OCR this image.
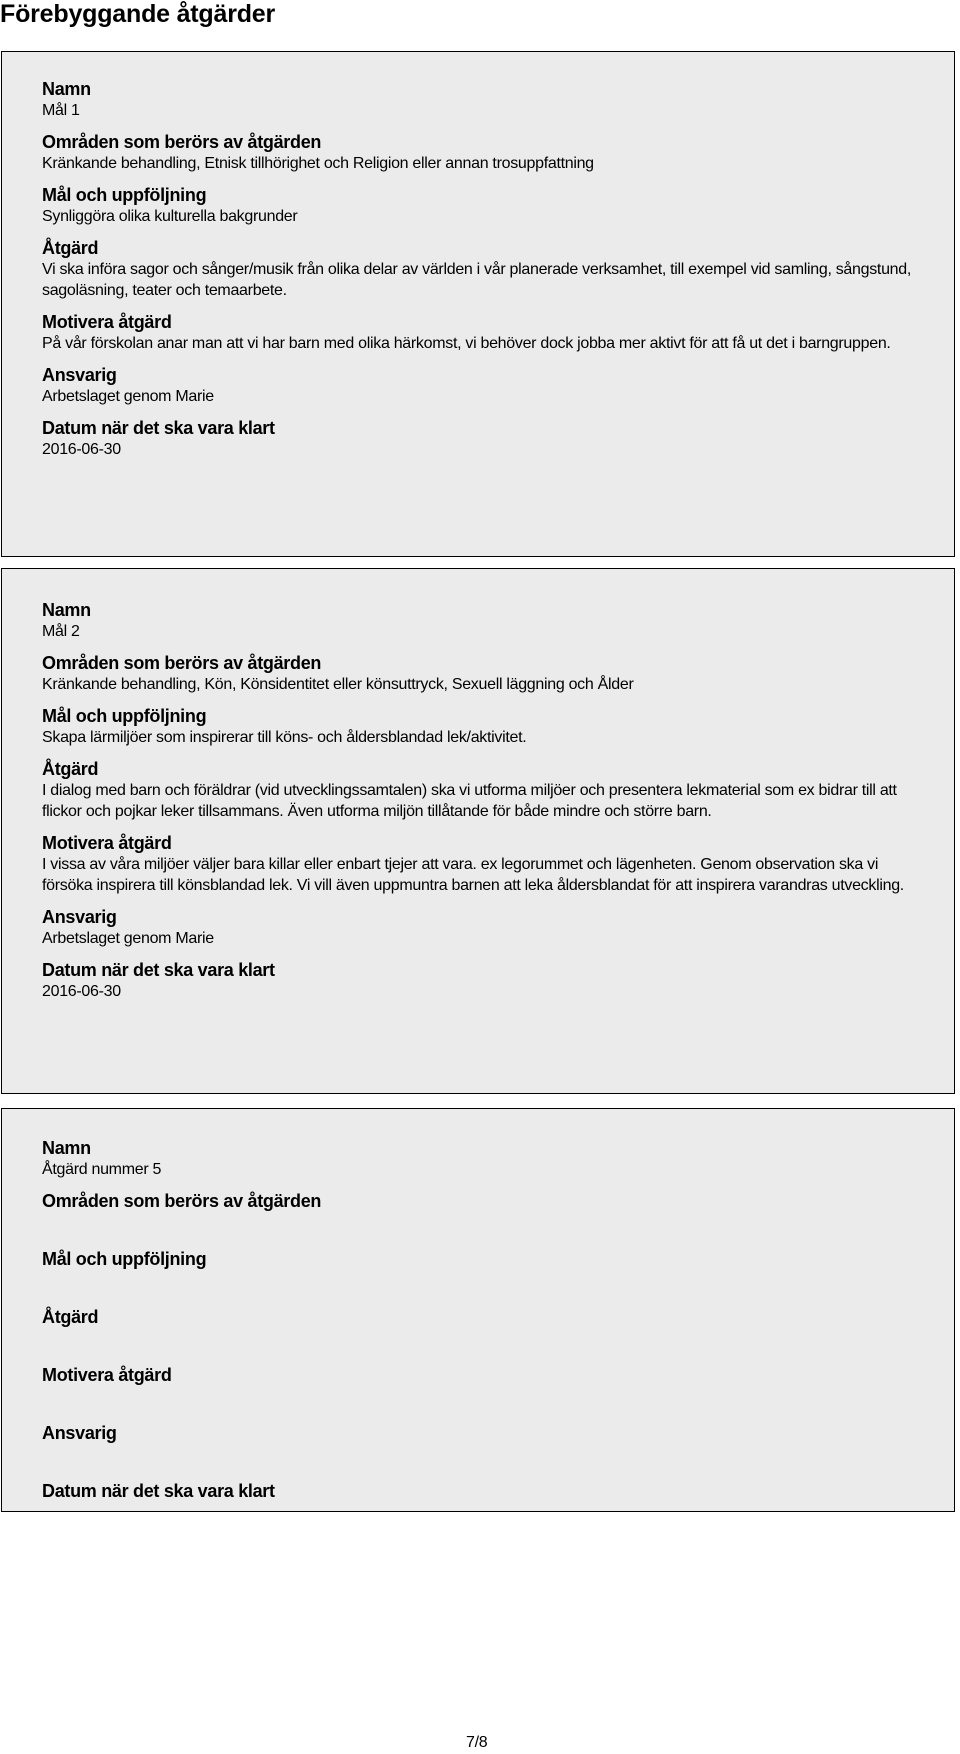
Förebyggande åtgärder
Namn
Mål 1
Områden som berörs av åtgärden
Kränkande behandling, Etnisk tillhörighet och Religion eller annan trosuppfattning
Mål och uppföljning
Synliggöra olika kulturella bakgrunder
Åtgärd
Vi ska införa sagor och sånger/musik från olika delar av världen i vår planerade verksamhet, till exempel vid samling, sångstund, sagoläsning, teater och temaarbete.
Motivera åtgärd
På vår förskolan anar man att vi har barn med olika härkomst, vi behöver dock jobba mer aktivt för att få ut det i barngruppen.
Ansvarig
Arbetslaget genom Marie
Datum när det ska vara klart
2016-06-30
Namn
Mål 2
Områden som berörs av åtgärden
Kränkande behandling, Kön, Könsidentitet eller könsuttryck, Sexuell läggning och Ålder
Mål och uppföljning
Skapa lärmiljöer som inspirerar till köns- och åldersblandad lek/aktivitet.
Åtgärd
I dialog med barn och föräldrar (vid utvecklingssamtalen) ska vi utforma miljöer och presentera lekmaterial som ex bidrar till att flickor och pojkar leker tillsammans. Även utforma miljön tillåtande för både mindre och större barn.
Motivera åtgärd
I vissa av våra miljöer väljer bara killar eller enbart tjejer att vara. ex legorummet och lägenheten. Genom observation ska vi försöka inspirera till könsblandad lek. Vi vill även uppmuntra barnen att leka åldersblandat för att inspirera varandras utveckling.
Ansvarig
Arbetslaget genom Marie
Datum när det ska vara klart
2016-06-30
Namn
Åtgärd nummer 5
Områden som berörs av åtgärden
Mål och uppföljning
Åtgärd
Motivera åtgärd
Ansvarig
Datum när det ska vara klart
7/8
